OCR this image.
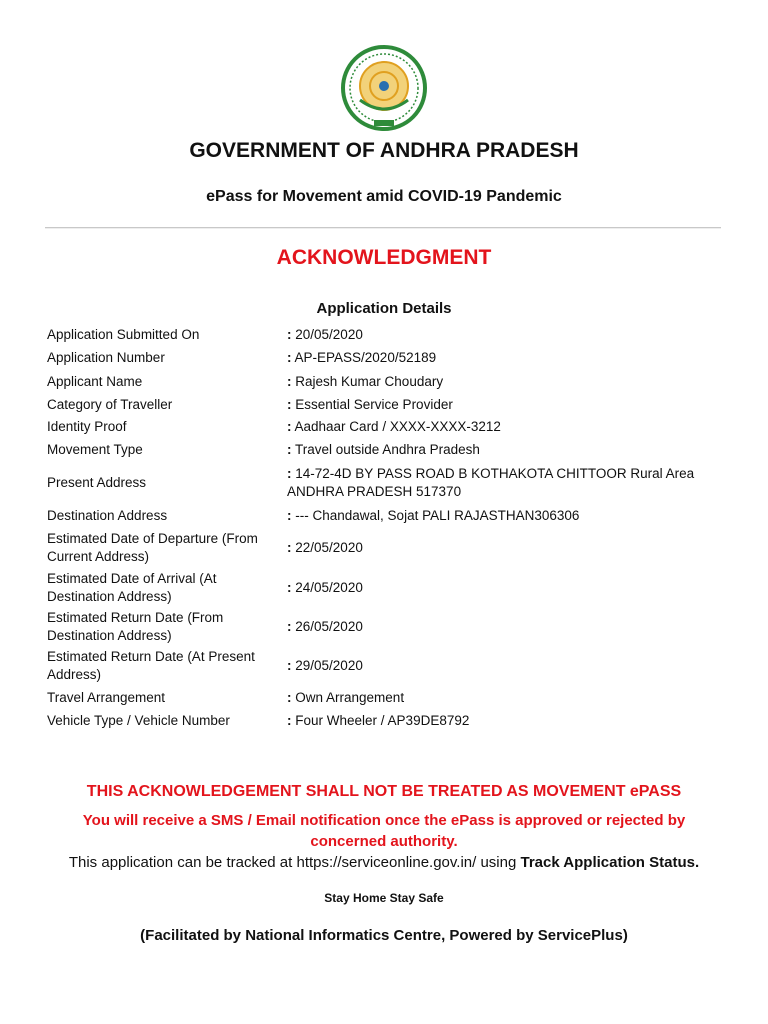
GOVERNMENT OF ANDHRA PRADESH
ePass for Movement amid COVID-19 Pandemic
ACKNOWLEDGMENT
Application Details
Application Submitted On	: 20/05/2020
Application Number	: AP-EPASS/2020/52189
Applicant Name	: Rajesh Kumar Choudary
Category of Traveller	: Essential Service Provider
Identity Proof	: Aadhaar Card / XXXX-XXXX-3212
Movement Type	: Travel outside Andhra Pradesh
Present Address	: 14-72-4D BY PASS ROAD B KOTHAKOTA CHITTOOR Rural Area
ANDHRA PRADESH 517370
Destination Address	: --- Chandawal, Sojat PALI RAJASTHAN306306
Estimated Date of Departure (From
Current Address)	: 22/05/2020
Estimated Date of Arrival (At
Destination Address)	: 24/05/2020
Estimated Return Date (From
Destination Address)	: 26/05/2020
Estimated Return Date (At Present
Address)	: 29/05/2020
Travel Arrangement	: Own Arrangement
Vehicle Type / Vehicle Number	: Four Wheeler / AP39DE8792
THIS ACKNOWLEDGEMENT SHALL NOT BE TREATED AS MOVEMENT ePASS
You will receive a SMS / Email notification once the ePass is approved or rejected by
concerned authority.
This application can be tracked at https://serviceonline.gov.in/ using Track Application Status.
Stay Home Stay Safe
(Facilitated by National Informatics Centre, Powered by ServicePlus)
